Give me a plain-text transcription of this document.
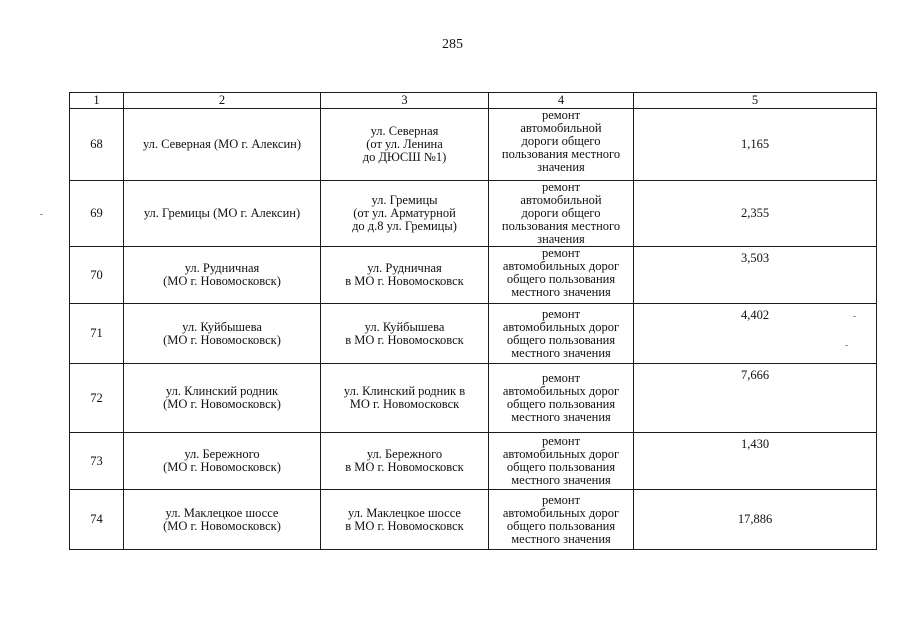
285
1	2	3	4	5
68	ул. Северная (МО г. Алексин)	ул. Северная
(от ул. Ленина
до ДЮСШ №1)	ремонт
автомобильной
дороги общего
пользования местного
значения	1,165
69	ул. Гремицы (МО г. Алексин)	ул. Гремицы
(от ул. Арматурной
до д.8 ул. Гремицы)	ремонт
автомобильной
дороги общего
пользования местного
значения	2,355
70	ул. Рудничная
(МО г. Новомосковск)	ул. Рудничная
в МО г. Новомосковск	ремонт
автомобильных дорог
общего пользования
местного значения	3,503
71	ул. Куйбышева
(МО г. Новомосковск)	ул. Куйбышева
в МО г. Новомосковск	ремонт
автомобильных дорог
общего пользования
местного значения	4,402
72	ул. Клинский родник
(МО г. Новомосковск)	ул. Клинский родник в
МО г. Новомосковск	ремонт
автомобильных дорог
общего пользования
местного значения	7,666
73	ул. Бережного
(МО г. Новомосковск)	ул. Бережного
в МО г. Новомосковск	ремонт
автомобильных дорог
общего пользования
местного значения	1,430
74	ул. Маклецкое шоссе
(МО г. Новомосковск)	ул. Маклецкое шоссе
в МО г. Новомосковск	ремонт
автомобильных дорог
общего пользования
местного значения	17,886
